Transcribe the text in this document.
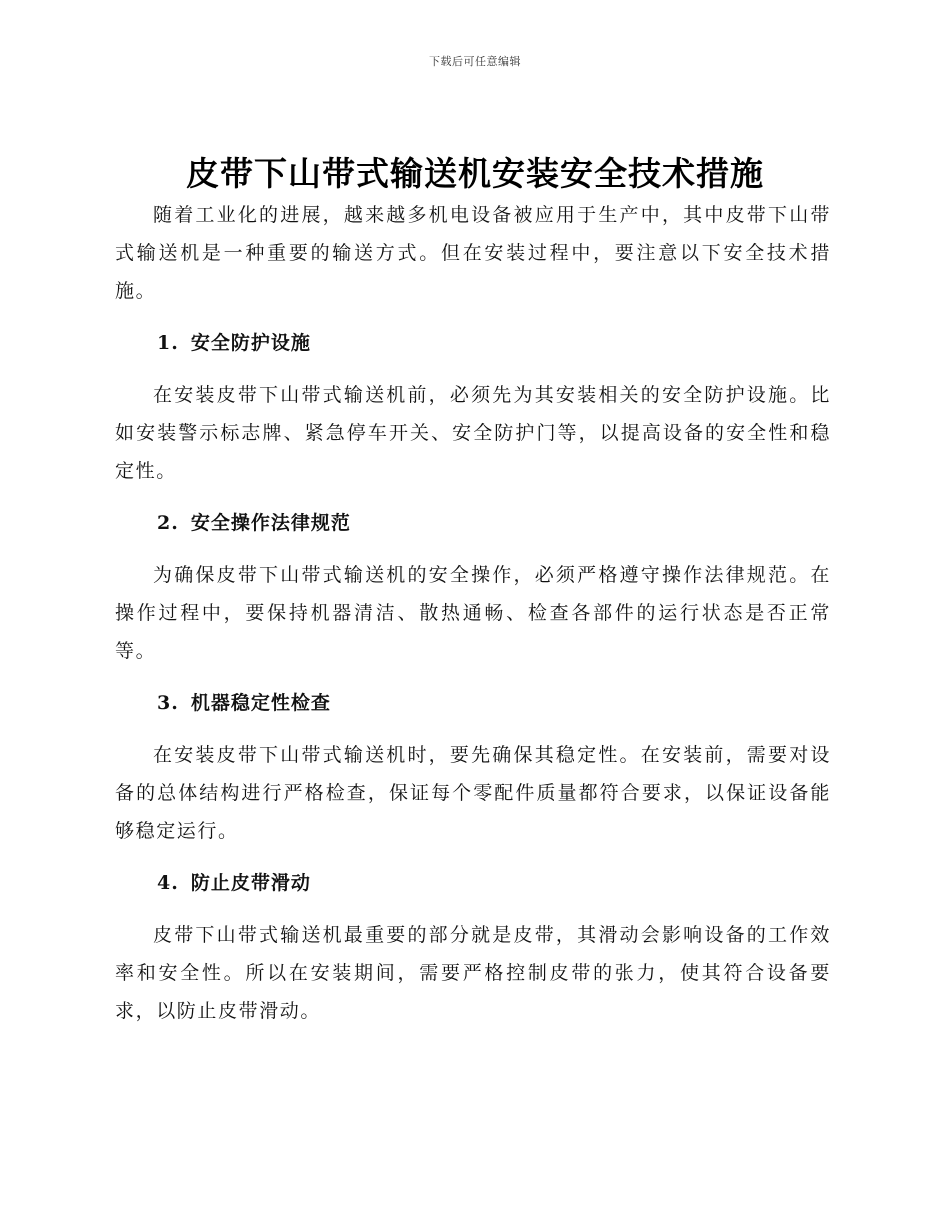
下载后可任意编辑
皮带下山带式输送机安装安全技术措施

随着工业化的进展，越来越多机电设备被应用于生产中，其中皮带下山带式输送机是一种重要的输送方式。但在安装过程中，要注意以下安全技术措施。

1. 安全防护设施

在安装皮带下山带式输送机前，必须先为其安装相关的安全防护设施。比如安装警示标志牌、紧急停车开关、安全防护门等，以提高设备的安全性和稳定性。

2. 安全操作法律规范

为确保皮带下山带式输送机的安全操作，必须严格遵守操作法律规范。在操作过程中，要保持机器清洁、散热通畅、检查各部件的运行状态是否正常等。

3. 机器稳定性检查

在安装皮带下山带式输送机时，要先确保其稳定性。在安装前，需要对设备的总体结构进行严格检查，保证每个零配件质量都符合要求，以保证设备能够稳定运行。

4. 防止皮带滑动

皮带下山带式输送机最重要的部分就是皮带，其滑动会影响设备的工作效率和安全性。所以在安装期间，需要严格控制皮带的张力，使其符合设备要求，以防止皮带滑动。
